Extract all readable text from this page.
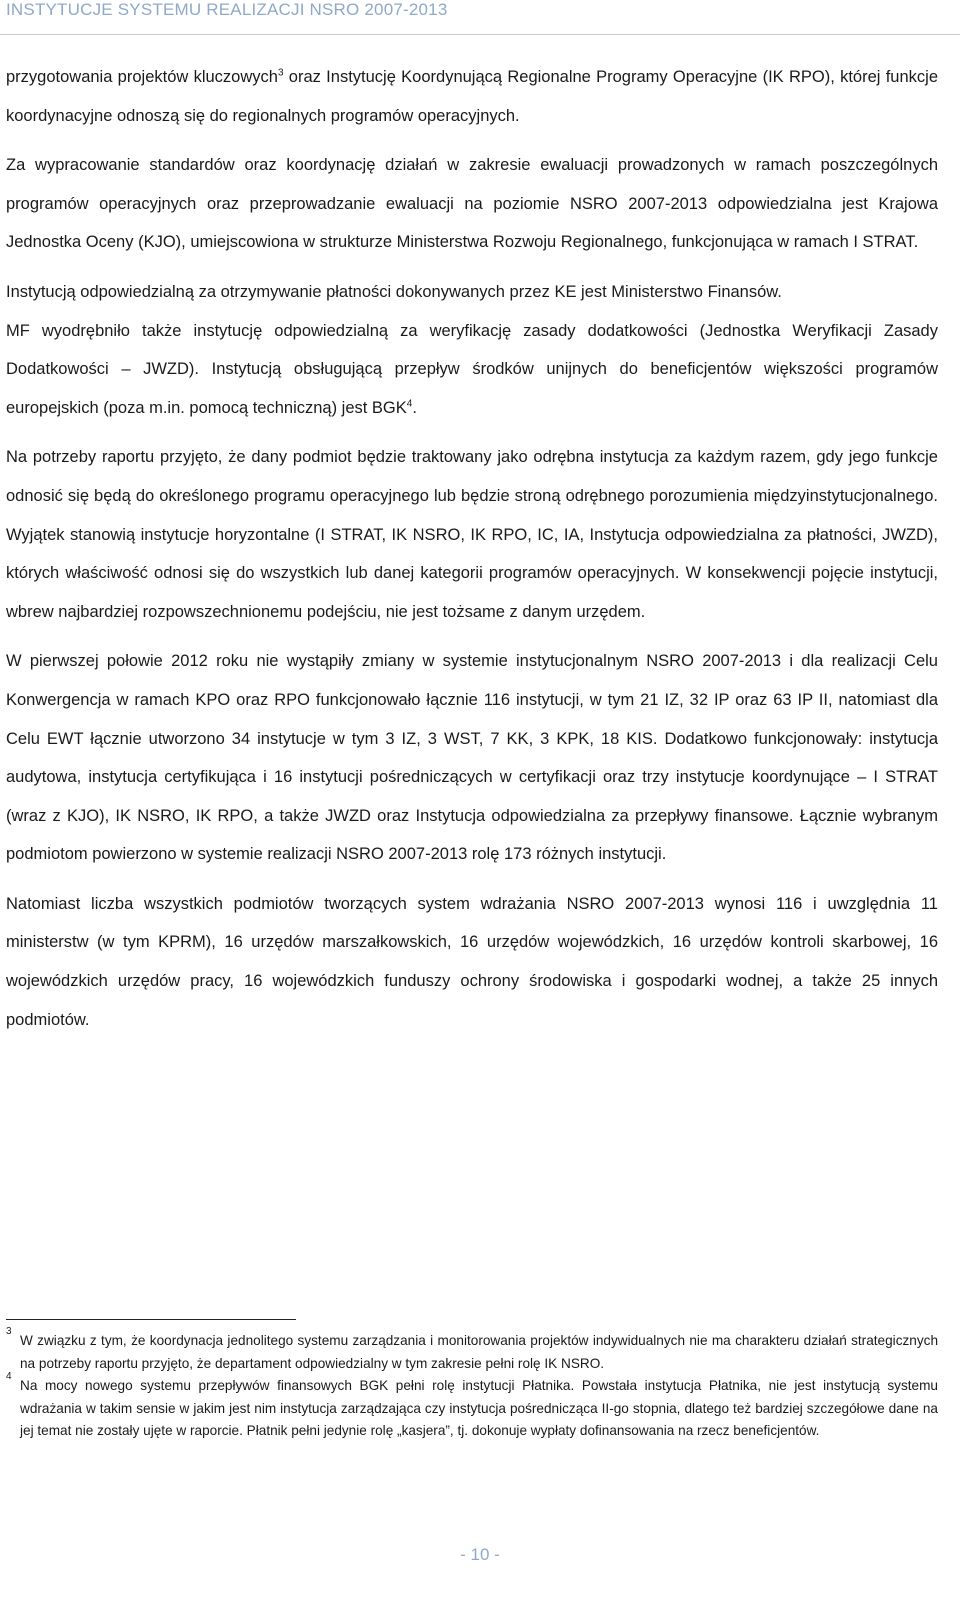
INSTYTUCJE SYSTEMU REALIZACJI NSRO 2007-2013

przygotowania projektów kluczowych$^3$ oraz Instytucję Koordynującą Regionalne Programy Operacyjne (IK RPO), której funkcje koordynacyjne odnoszą się do regionalnych programów operacyjnych.

Za wypracowanie standardów oraz koordynację działań w zakresie ewaluacji prowadzonych w ramach poszczególnych programów operacyjnych oraz przeprowadzanie ewaluacji na poziomie NSRO 2007-2013 odpowiedzialna jest Krajowa Jednostka Oceny (KJO), umiejscowiona w strukturze Ministerstwa Rozwoju Regionalnego, funkcjonująca w ramach I STRAT.

Instytucją odpowiedzialną za otrzymywanie płatności dokonywanych przez KE jest Ministerstwo Finansów.

MF wyodrębniło także instytucję odpowiedzialną za weryfikację zasady dodatkowości (Jednostka Weryfikacji Zasady Dodatkowości – JWZD). Instytucją obsługującą przepływ środków unijnych do beneficjentów większości programów europejskich (poza m.in. pomocą techniczną) jest BGK$^4$.

Na potrzeby raportu przyjęto, że dany podmiot będzie traktowany jako odrębna instytucja za każdym razem, gdy jego funkcje odnosić się będą do określonego programu operacyjnego lub będzie stroną odrębnego porozumienia międzyinstytucjonalnego. Wyjątek stanowią instytucje horyzontalne (I STRAT, IK NSRO, IK RPO, IC, IA, Instytucja odpowiedzialna za płatności, JWZD), których właściwość odnosi się do wszystkich lub danej kategorii programów operacyjnych. W konsekwencji pojęcie instytucji, wbrew najbardziej rozpowszechnionemu podejściu, nie jest tożsame z danym urzędem.

W pierwszej połowie 2012 roku nie wystąpiły zmiany w systemie instytucjonalnym NSRO 2007-2013 i dla realizacji Celu Konwergencja w ramach KPO oraz RPO funkcjonowało łącznie 116 instytucji, w tym 21 IZ, 32 IP oraz 63 IP II, natomiast dla Celu EWT łącznie utworzono 34 instytucje w tym 3 IZ, 3 WST, 7 KK, 3 KPK, 18 KIS. Dodatkowo funkcjonowały: instytucja audytowa, instytucja certyfikująca i 16 instytucji pośredniczących w certyfikacji oraz trzy instytucje koordynujące – I STRAT (wraz z KJO), IK NSRO, IK RPO, a także JWZD oraz Instytucja odpowiedzialna za przepływy finansowe. Łącznie wybranym podmiotom powierzono w systemie realizacji NSRO 2007-2013 rolę 173 różnych instytucji.

Natomiast liczba wszystkich podmiotów tworzących system wdrażania NSRO 2007-2013 wynosi 116 i uwzględnia 11 ministerstw (w tym KPRM), 16 urzędów marszałkowskich, 16 urzędów wojewódzkich, 16 urzędów kontroli skarbowej, 16 wojewódzkich urzędów pracy, 16 wojewódzkich funduszy ochrony środowiska i gospodarki wodnej, a także 25 innych podmiotów.

3
W związku z tym, że koordynacja jednolitego systemu zarządzania i monitorowania projektów indywidualnych nie ma charakteru działań strategicznych na potrzeby raportu przyjęto, że departament odpowiedzialny w tym zakresie pełni rolę IK NSRO.
4
Na mocy nowego systemu przepływów finansowych BGK pełni rolę instytucji Płatnika. Powstała instytucja Płatnika, nie jest instytucją systemu wdrażania w takim sensie w jakim jest nim instytucja zarządzająca czy instytucja pośrednicząca II-go stopnia, dlatego też bardziej szczegółowe dane na jej temat nie zostały ujęte w raporcie. Płatnik pełni jedynie rolę „kasjera”, tj. dokonuje wypłaty dofinansowania na rzecz beneficjentów.
- 10 -
